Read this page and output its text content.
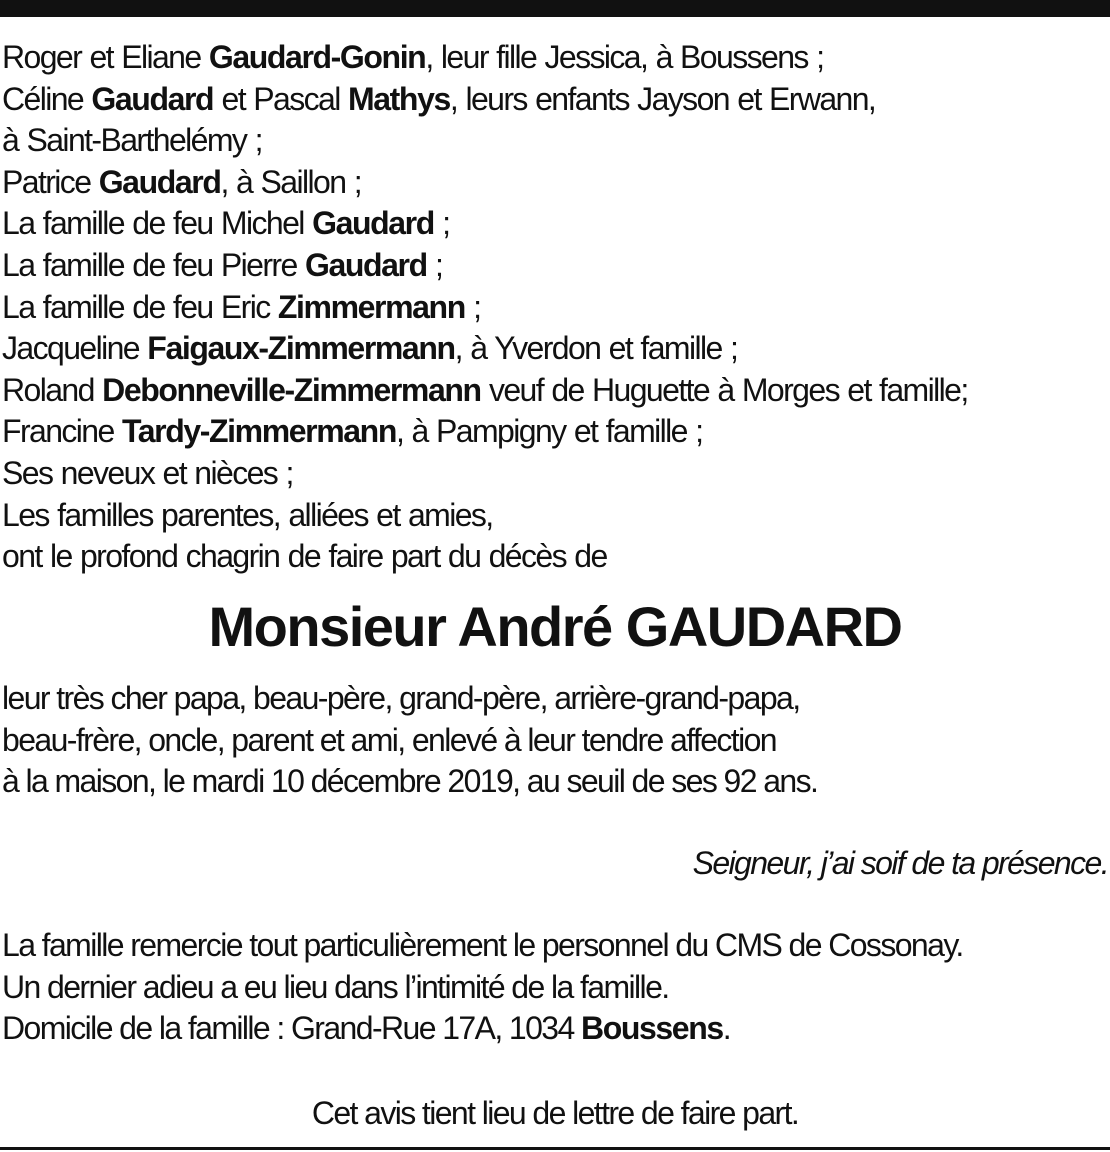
Roger et Eliane Gaudard-Gonin, leur fille Jessica, à Boussens ;
Céline Gaudard et Pascal Mathys, leurs enfants Jayson et Erwann,
à Saint-Barthelémy ;
Patrice Gaudard, à Saillon ;
La famille de feu Michel Gaudard ;
La famille de feu Pierre Gaudard ;
La famille de feu Eric Zimmermann ;
Jacqueline Faigaux-Zimmermann, à Yverdon et famille ;
Roland Debonneville-Zimmermann veuf de Huguette à Morges et famille;
Francine Tardy-Zimmermann, à Pampigny et famille ;
Ses neveux et nièces ;
Les familles parentes, alliées et amies,
ont le profond chagrin de faire part du décès de
Monsieur André GAUDARD
leur très cher papa, beau-père, grand-père, arrière-grand-papa,
beau-frère, oncle, parent et ami, enlevé à leur tendre affection
à la maison, le mardi 10 décembre 2019, au seuil de ses 92 ans.
Seigneur, j’ai soif de ta présence.
La famille remercie tout particulièrement le personnel du CMS de Cossonay.
Un dernier adieu a eu lieu dans l’intimité de la famille.
Domicile de la famille : Grand-Rue 17A, 1034 Boussens.
Cet avis tient lieu de lettre de faire part.
